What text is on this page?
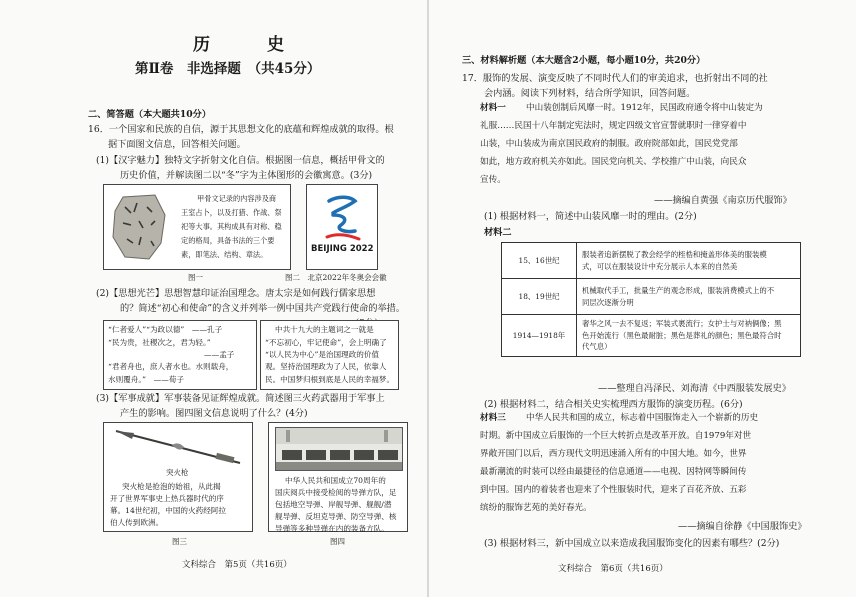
历　史
第Ⅱ卷　非选择题　（共45分）
二、简答题（本大题共10分）
16．一个国家和民族的自信，源于其思想文化的底蕴和辉煌成就的取得。根
据下面图文信息，回答相关问题。
(1)【汉字魅力】独特文字折射文化自信。根据图一信息，概括甲骨文的
历史价值，并解读图二以“冬”字为主体图形的会徽寓意。(3分)
甲骨文记录的内容涉及商
王室占卜，以及打猎、作战、祭
祀等大事。其构成具有对称、稳
定的格局，具备书法的三个要
素，即笔法、结构、章法。
图一
BEIJING 2022
图二　北京2022年冬奥会会徽
(2)【思想光芒】思想智慧印证治国理念。唐太宗是如何践行儒家思想
的？简述“初心和使命”的含义并列举一例中国共产党践行使命的举措。
“仁者爱人”“为政以德”　——孔子
“民为贵，社稷次之，君为轻。”
——孟子
“君者舟也，庶人者水也。水则载舟，
水则覆舟。”　——荀子
中共十九大的主题词之一就是
“不忘初心，牢记使命”，会上明确了
“以人民为中心”是治国理政的价值
观。坚持治国理政为了人民，依靠人
民。中国梦归根到底是人民的幸福梦。
(3)【军事成就】军事装备见证辉煌成就。简述图三火药武器用于军事上
产生的影响。图四图文信息说明了什么？(4分)
突火枪
突火枪是抢泡的始祖，从此揭
开了世界军事史上热兵器时代的序
幕。14世纪初，中国的火药经阿拉
伯人传到欧洲。
图三
中华人民共和国成立70周年的
国庆阅兵中接受检阅的导弹方队，足
包括地空导弹、岸舰导弹、舰舰/潜
舰导弹、反坦克导弹、防空导弹、核
导弹等多种导弹在内的装备方队。
图四
文科综合　第5页（共16页）
三、材料解析题（本大题含2小题，每小题10分，共20分）
17．服饰的发展、演变反映了不同时代人们的审美追求，也折射出不同的社
会内涵。阅读下列材料，结合所学知识，回答问题。
材料一 中山装创制后风靡一时。1912年，民国政府通令将中山装定为
礼服……民国十八年制定宪法时，规定四级文官宣誓就职时一律穿着中
山装，中山装成为南京国民政府的制服。政府院部如此，国民党党部
如此，地方政府机关亦如此。国民党向机关、学校推广中山装，向民众
宣传。
——摘编自黄强《南京历代服饰》
(1) 根据材料一，简述中山装风靡一时的理由。(2分)
材料二
15、16世纪	服装者追新摆脱了教会经学的桎梏和掩盖形体美的服装模
式，可以在服装设计中充分展示人本来的自然美
18、19世纪	机械取代手工，批量生产的观念形成，服装消费模式上的不
同层次逐渐分明
1914—1918年	奢华之风一去不复返；军装式裹流行；女护士与对衲俩像；黑
色开始流行（黑色最耐脏；黑色是葬礼的颜色；黑色最符合时
代气息）
——整理自冯泽民、刘海清《中西服装发展史》
(2) 根据材料二，结合相关史实梳理西方服饰的演变历程。(6分)
材料三 中华人民共和国的成立，标志着中国服饰走入一个崭新的历史
时期。新中国成立后服饰的一个巨大转折点是改革开放。自1979年对世
界敞开国门以后，西方现代文明迅速涌入所有的中国大地。如今，世界
最新潮流的时装可以经由最捷径的信息通道——电视、因特网等瞬间传
到中国。国内的着装者也迎来了个性服装时代，迎来了百花齐放、五彩
缤纷的服饰艺苑的美好春光。
——摘编自徐静《中国服饰史》
(3) 根据材料三，新中国成立以来造成我国服饰变化的因素有哪些？(2分)
文科综合　第6页（共16页）
